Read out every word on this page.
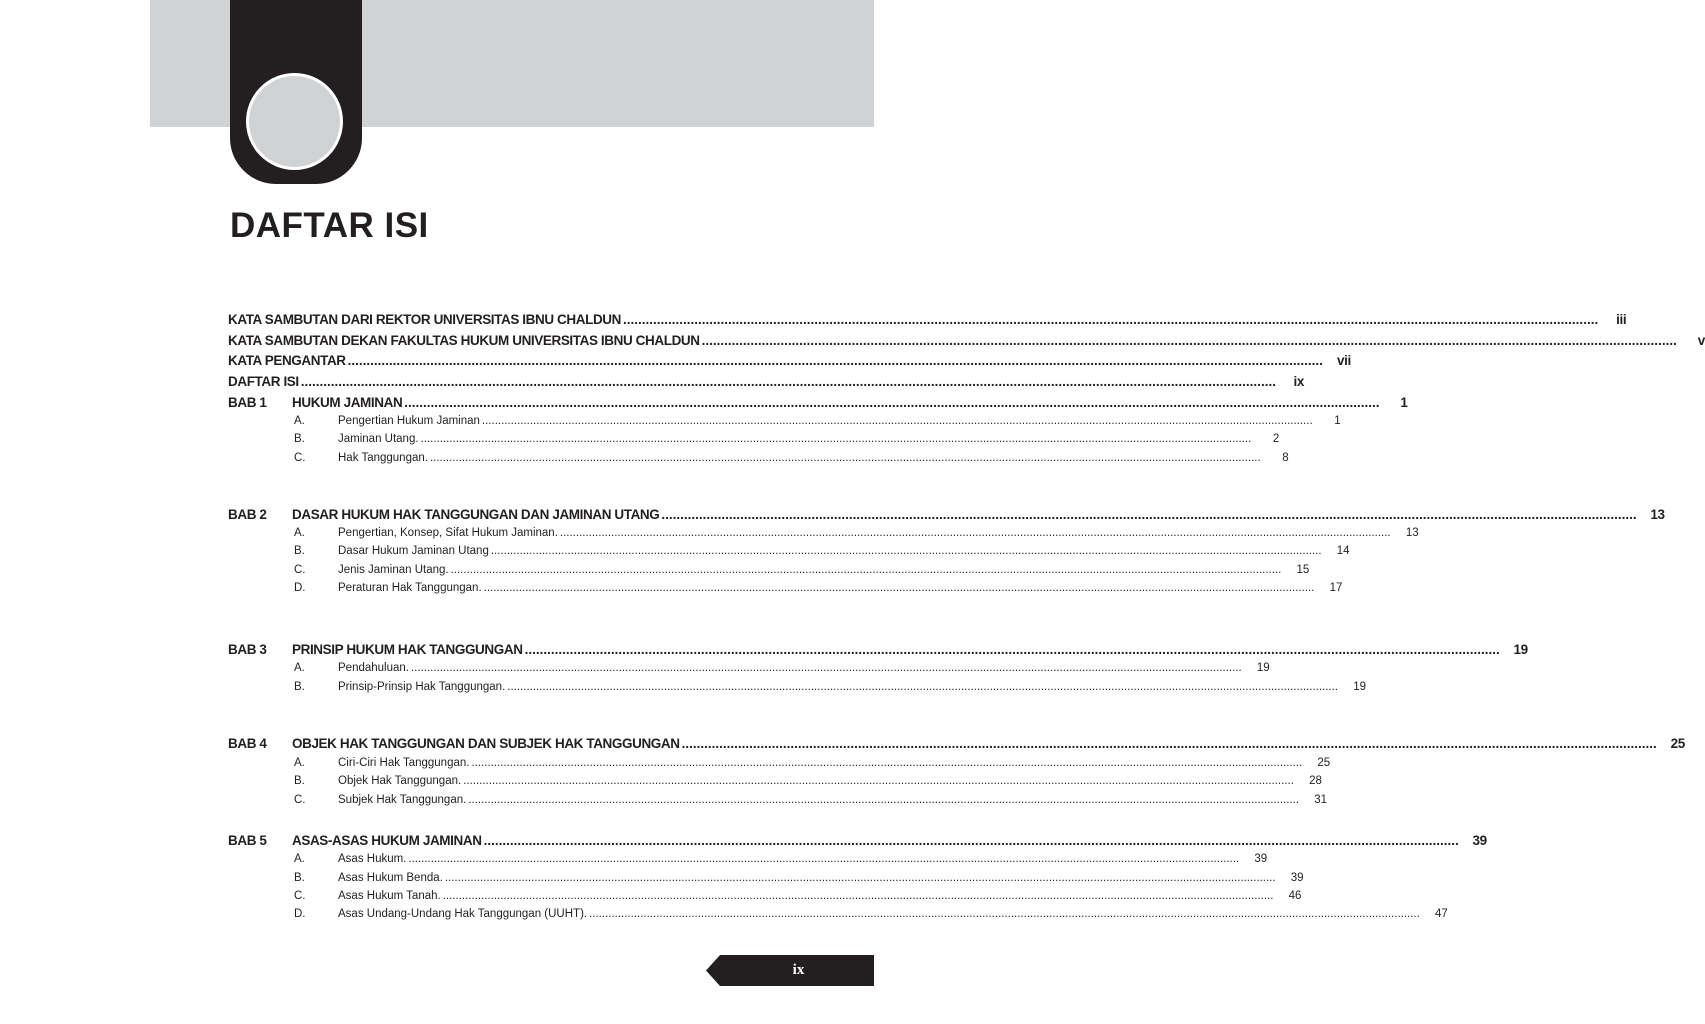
DAFTAR ISI
KATA SAMBUTAN DARI REKTOR UNIVERSITAS IBNU CHALDUN ....................................................................................................................................................................................................................................................................	iii
KATA SAMBUTAN DEKAN FAKULTAS HUKUM UNIVERSITAS IBNU CHALDUN ....................................................................................................................................................................................................................................................................	v
KATA PENGANTAR ....................................................................................................................................................................................................................................................................	vii
DAFTAR ISI ....................................................................................................................................................................................................................................................................	ix
BAB 1	HUKUM JAMINAN ....................................................................................................................................................................................................................................................................	1
A.	Pengertian Hukum Jaminan ....................................................................................................................................................................................................................................................................	1
B.	Jaminan Utang. ....................................................................................................................................................................................................................................................................	2
C.	Hak Tanggungan. ....................................................................................................................................................................................................................................................................	8
BAB 2	DASAR HUKUM HAK TANGGUNGAN DAN JAMINAN UTANG ....................................................................................................................................................................................................................................................................	13
A.	Pengertian, Konsep, Sifat Hukum Jaminan. ....................................................................................................................................................................................................................................................................	13
B.	Dasar Hukum Jaminan Utang ....................................................................................................................................................................................................................................................................	14
C.	Jenis Jaminan Utang. ....................................................................................................................................................................................................................................................................	15
D.	Peraturan Hak Tanggungan. ....................................................................................................................................................................................................................................................................	17
BAB 3	PRINSIP HUKUM HAK TANGGUNGAN ....................................................................................................................................................................................................................................................................	19
A.	Pendahuluan. ....................................................................................................................................................................................................................................................................	19
B.	Prinsip-Prinsip Hak Tanggungan. ....................................................................................................................................................................................................................................................................	19
BAB 4	OBJEK HAK TANGGUNGAN DAN SUBJEK HAK TANGGUNGAN ....................................................................................................................................................................................................................................................................	25
A.	Ciri-Ciri Hak Tanggungan. ....................................................................................................................................................................................................................................................................	25
B.	Objek Hak Tanggungan. ....................................................................................................................................................................................................................................................................	28
C.	Subjek Hak Tanggungan. ....................................................................................................................................................................................................................................................................	31
BAB 5	ASAS-ASAS HUKUM JAMINAN ....................................................................................................................................................................................................................................................................	39
A.	Asas Hukum. ....................................................................................................................................................................................................................................................................	39
B.	Asas Hukum Benda. ....................................................................................................................................................................................................................................................................	39
C.	Asas Hukum Tanah. ....................................................................................................................................................................................................................................................................	46
D.	Asas Undang-Undang Hak Tanggungan (UUHT). ....................................................................................................................................................................................................................................................................	47
ix
